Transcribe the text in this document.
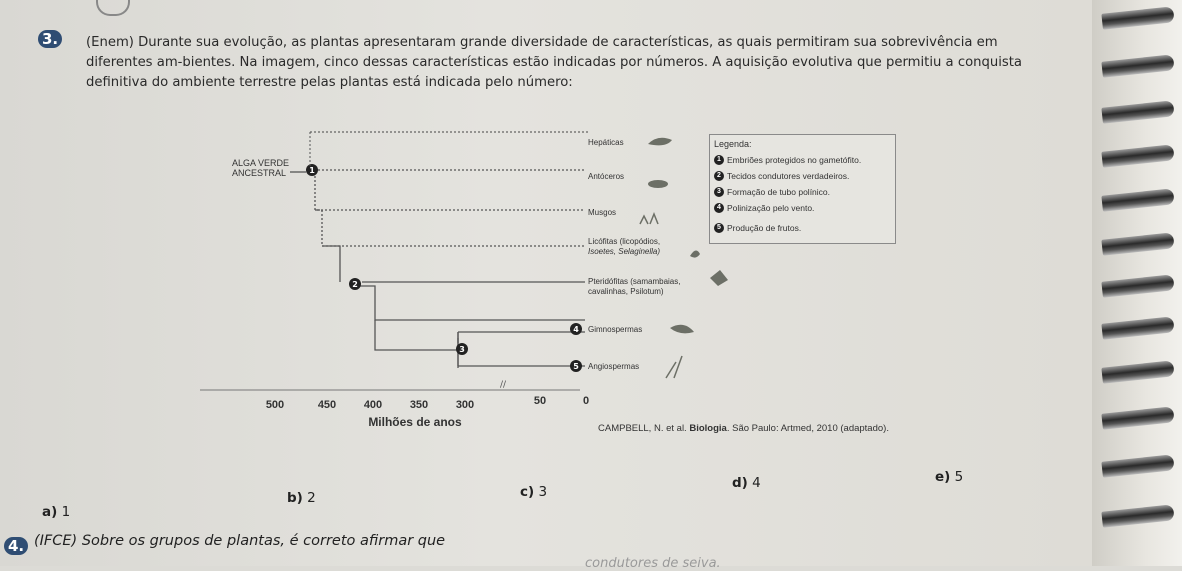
3.	(Enem) Durante sua evolução, as plantas apresentaram grande diversidade de características, as quais permitiram sua sobrevivência em diferentes am-bientes. Na imagem, cinco dessas características estão indicadas por números. A aquisição evolutiva que permitiu a conquista definitiva do ambiente terrestre pelas plantas está indicada pelo número:
ALGA VERDE
ANCESTRAL	1
2
3
4
5
Hepáticas
Antóceros
Musgos
Licófitas (licopódios,
Isoetes, Selaginella)
Pteridófitas (samambaias,
cavalinhas, Psilotum)
Gimnospermas
Angiospermas
//
500	450	400	350	300	50	0
Milhões de anos
Legenda:
1 Embriões protegidos no gametófito.
2 Tecidos condutores verdadeiros.
3 Formação de tubo polínico.
4 Polinização pelo vento.
5 Produção de frutos.
CAMPBELL, N. et al. Biologia. São Paulo: Artmed, 2010 (adaptado).
a) 1
b) 2	c) 3
d) 4	e) 5
4. (IFCE) Sobre os grupos de plantas, é correto afirmar que
condutores de seiva.
